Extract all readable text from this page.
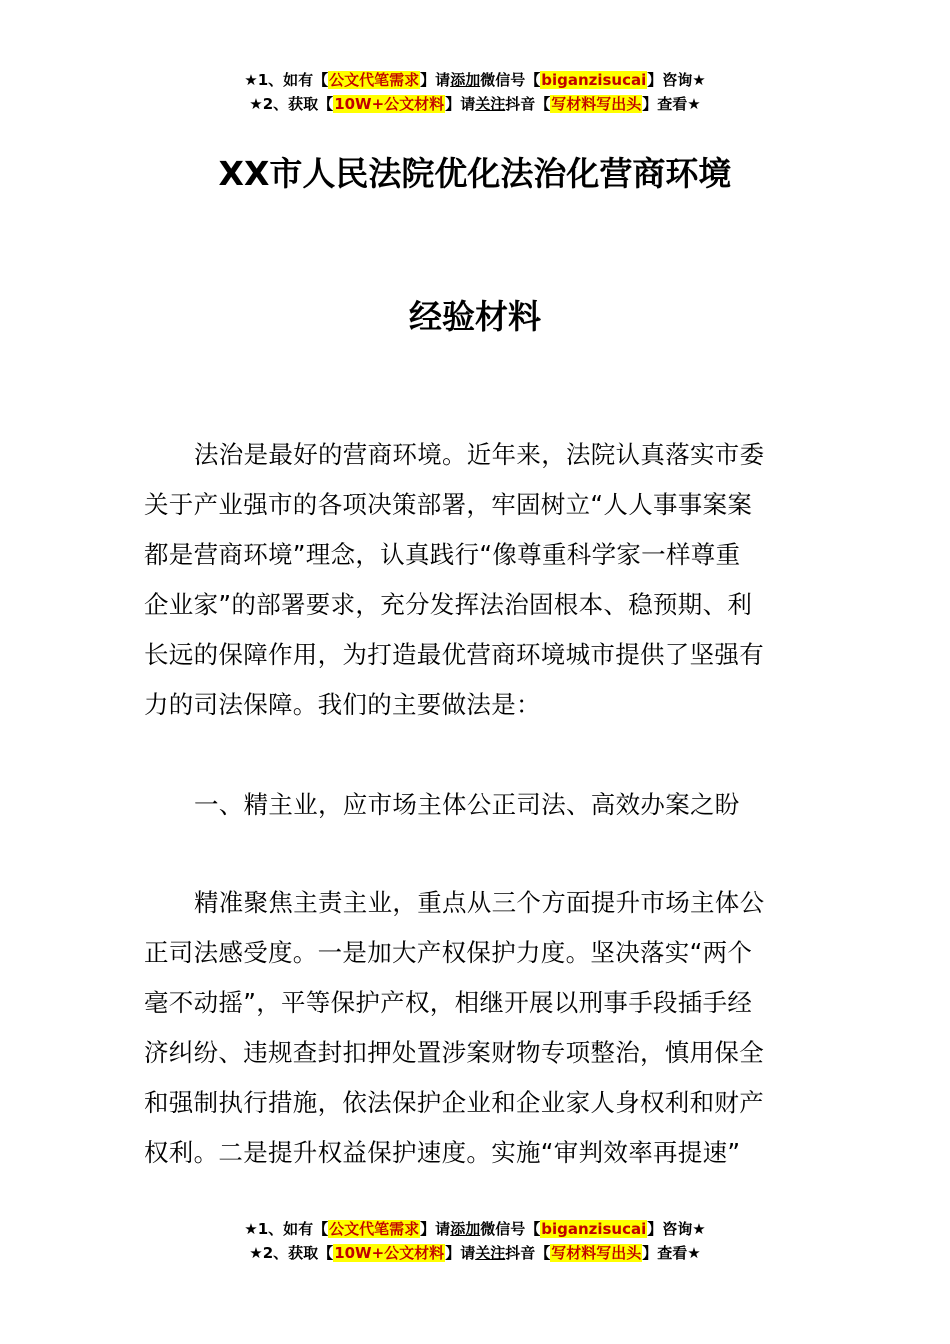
★1、如有【公文代笔需求】请添加微信号【biganzisucai】咨询★
★2、获取【10W+公文材料】请关注抖音【写材料写出头】查看★
XX市人民法院优化法治化营商环境
经验材料
法治是最好的营商环境。近年来，法院认真落实市委
关于产业强市的各项决策部署，牢固树立“人人事事案案
都是营商环境”理念，认真践行“像尊重科学家一样尊重
企业家”的部署要求，充分发挥法治固根本、稳预期、利
长远的保障作用，为打造最优营商环境城市提供了坚强有
力的司法保障。我们的主要做法是：
一、精主业，应市场主体公正司法、高效办案之盼
精准聚焦主责主业，重点从三个方面提升市场主体公
正司法感受度。一是加大产权保护力度。坚决落实“两个
毫不动摇”，平等保护产权，相继开展以刑事手段插手经
济纠纷、违规查封扣押处置涉案财物专项整治，慎用保全
和强制执行措施，依法保护企业和企业家人身权利和财产
权利。二是提升权益保护速度。实施“审判效率再提速”
★1、如有【公文代笔需求】请添加微信号【biganzisucai】咨询★
★2、获取【10W+公文材料】请关注抖音【写材料写出头】查看★
